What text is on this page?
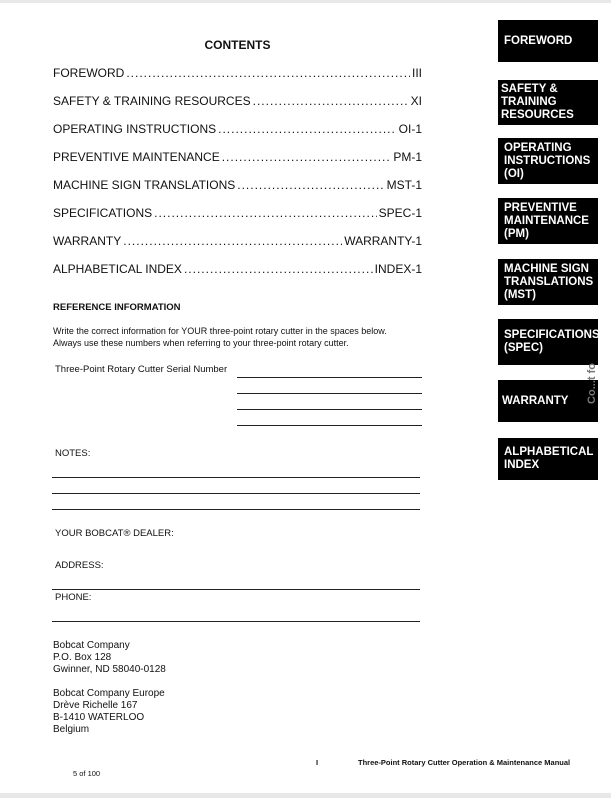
CONTENTS
FOREWORD .....	III
SAFETY & TRAINING RESOURCES .....	XI
OPERATING INSTRUCTIONS .....	OI-1
PREVENTIVE MAINTENANCE .....	PM-1
MACHINE SIGN TRANSLATIONS .....	MST-1
SPECIFICATIONS .....	SPEC-1
WARRANTY .....	WARRANTY-1
ALPHABETICAL INDEX .....	INDEX-1
REFERENCE INFORMATION
Write the correct information for YOUR three-point rotary cutter in the spaces below.
Always use these numbers when referring to your three-point rotary cutter.
Three-Point Rotary Cutter Serial Number
NOTES:
YOUR BOBCAT® DEALER:
ADDRESS:
PHONE:
Bobcat Company
P.O. Box 128
Gwinner, ND 58040-0128
Bobcat Company Europe
Drève Richelle 167
B-1410 WATERLOO
Belgium
I	Three-Point Rotary Cutter Operation & Maintenance Manual
5 of 100
FOREWORD
SAFETY &
TRAINING
RESOURCES
OPERATING
INSTRUCTIONS
(OI)
PREVENTIVE
MAINTENANCE
(PM)
MACHINE SIGN
TRANSLATIONS
(MST)
SPECIFICATIONS
(SPEC)
WARRANTY
ALPHABETICAL
INDEX
Co...t fo
